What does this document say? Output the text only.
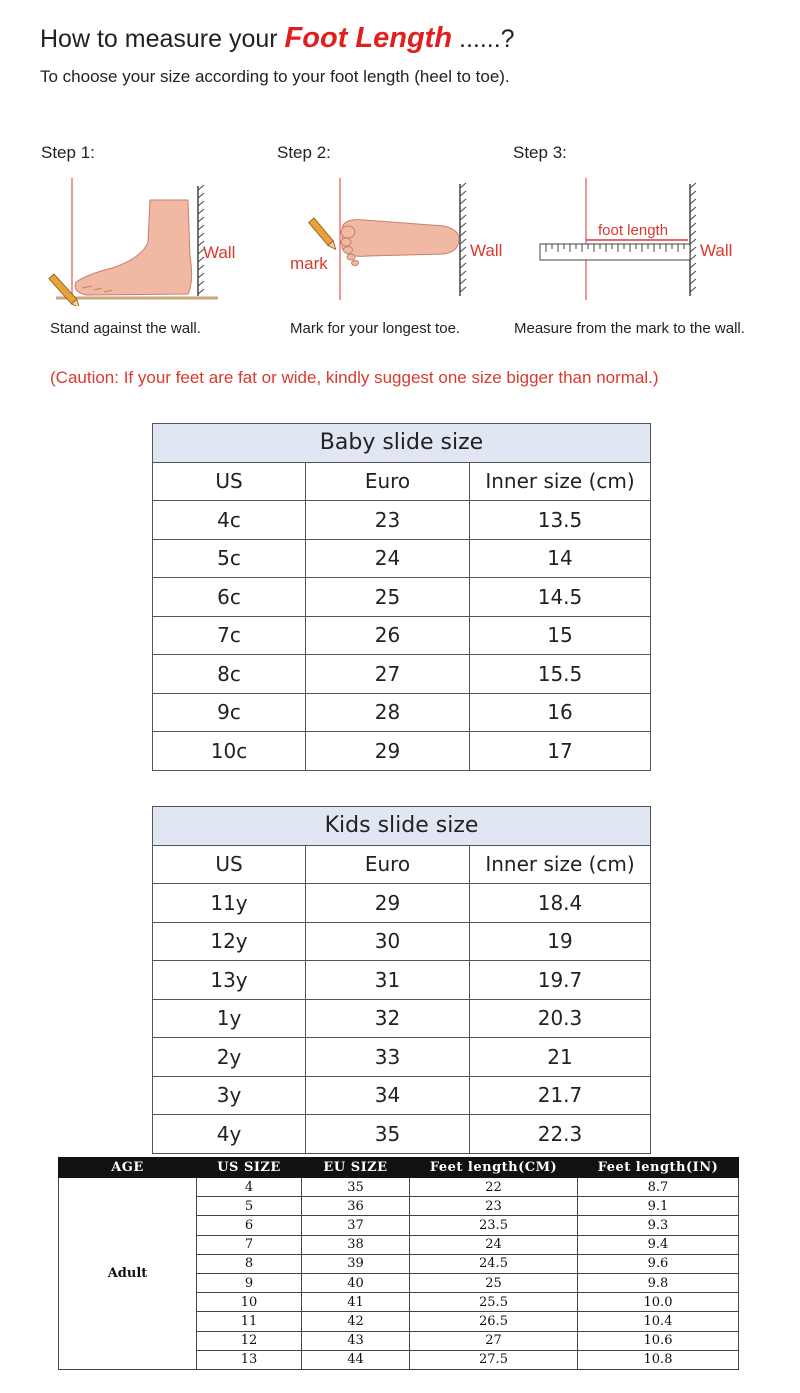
How to measure your Foot Length ......?
To choose your size according to your foot length (heel to toe).
Step 1:	Step 2:	Step 3:
Wall
mark
Wall
foot length
Wall
Stand against the wall.	Mark for your longest toe.	Measure from the mark to the wall.
(Caution: If your feet are fat or wide, kindly suggest one size bigger than normal.)
Baby slide size		
US	Euro	Inner size (cm)
4c	23	13.5
5c	24	14
6c	25	14.5
7c	26	15
8c	27	15.5
9c	28	16
10c	29	17
Kids slide size		
US	Euro	Inner size (cm)
11y	29	18.4
12y	30	19
13y	31	19.7
1y	32	20.3
2y	33	21
3y	34	21.7
4y	35	22.3
AGE	US SIZE	EU SIZE	Feet length(CM)	Feet length(IN)
Adult	4	35	22	8.7
	5	36	23	9.1
	6	37	23.5	9.3
	7	38	24	9.4
	8	39	24.5	9.6
	9	40	25	9.8
	10	41	25.5	10.0
	11	42	26.5	10.4
	12	43	27	10.6
	13	44	27.5	10.8
